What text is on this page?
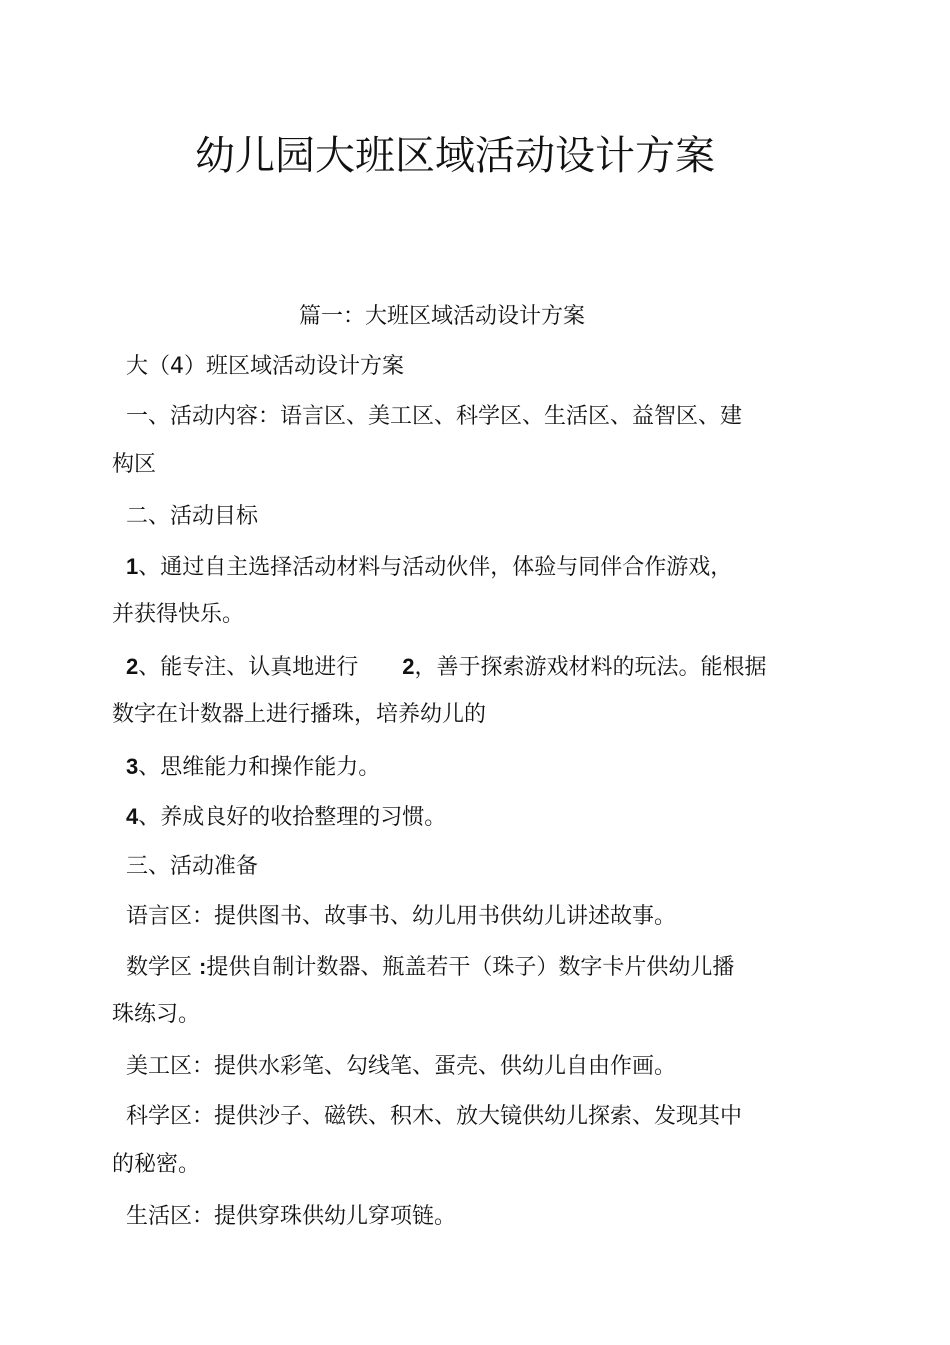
幼儿园大班区域活动设计方案

篇一：大班区域活动设计方案

大（4）班区域活动设计方案

一、活动内容：语言区、美工区、科学区、生活区、益智区、建

构区

二、活动目标

1、通过自主选择活动材料与活动伙伴，体验与同伴合作游戏，

并获得快乐。

2、能专注、认真地进行 2，善于探索游戏材料的玩法。能根据

数字在计数器上进行播珠，培养幼儿的

3、思维能力和操作能力。

4、养成良好的收拾整理的习惯。

三、活动准备

语言区：提供图书、故事书、幼儿用书供幼儿讲述故事。

数学区 :提供自制计数器、瓶盖若干（珠子）数字卡片供幼儿播

珠练习。

美工区：提供水彩笔、勾线笔、蛋壳、供幼儿自由作画。

科学区：提供沙子、磁铁、积木、放大镜供幼儿探索、发现其中

的秘密。

生活区：提供穿珠供幼儿穿项链。
